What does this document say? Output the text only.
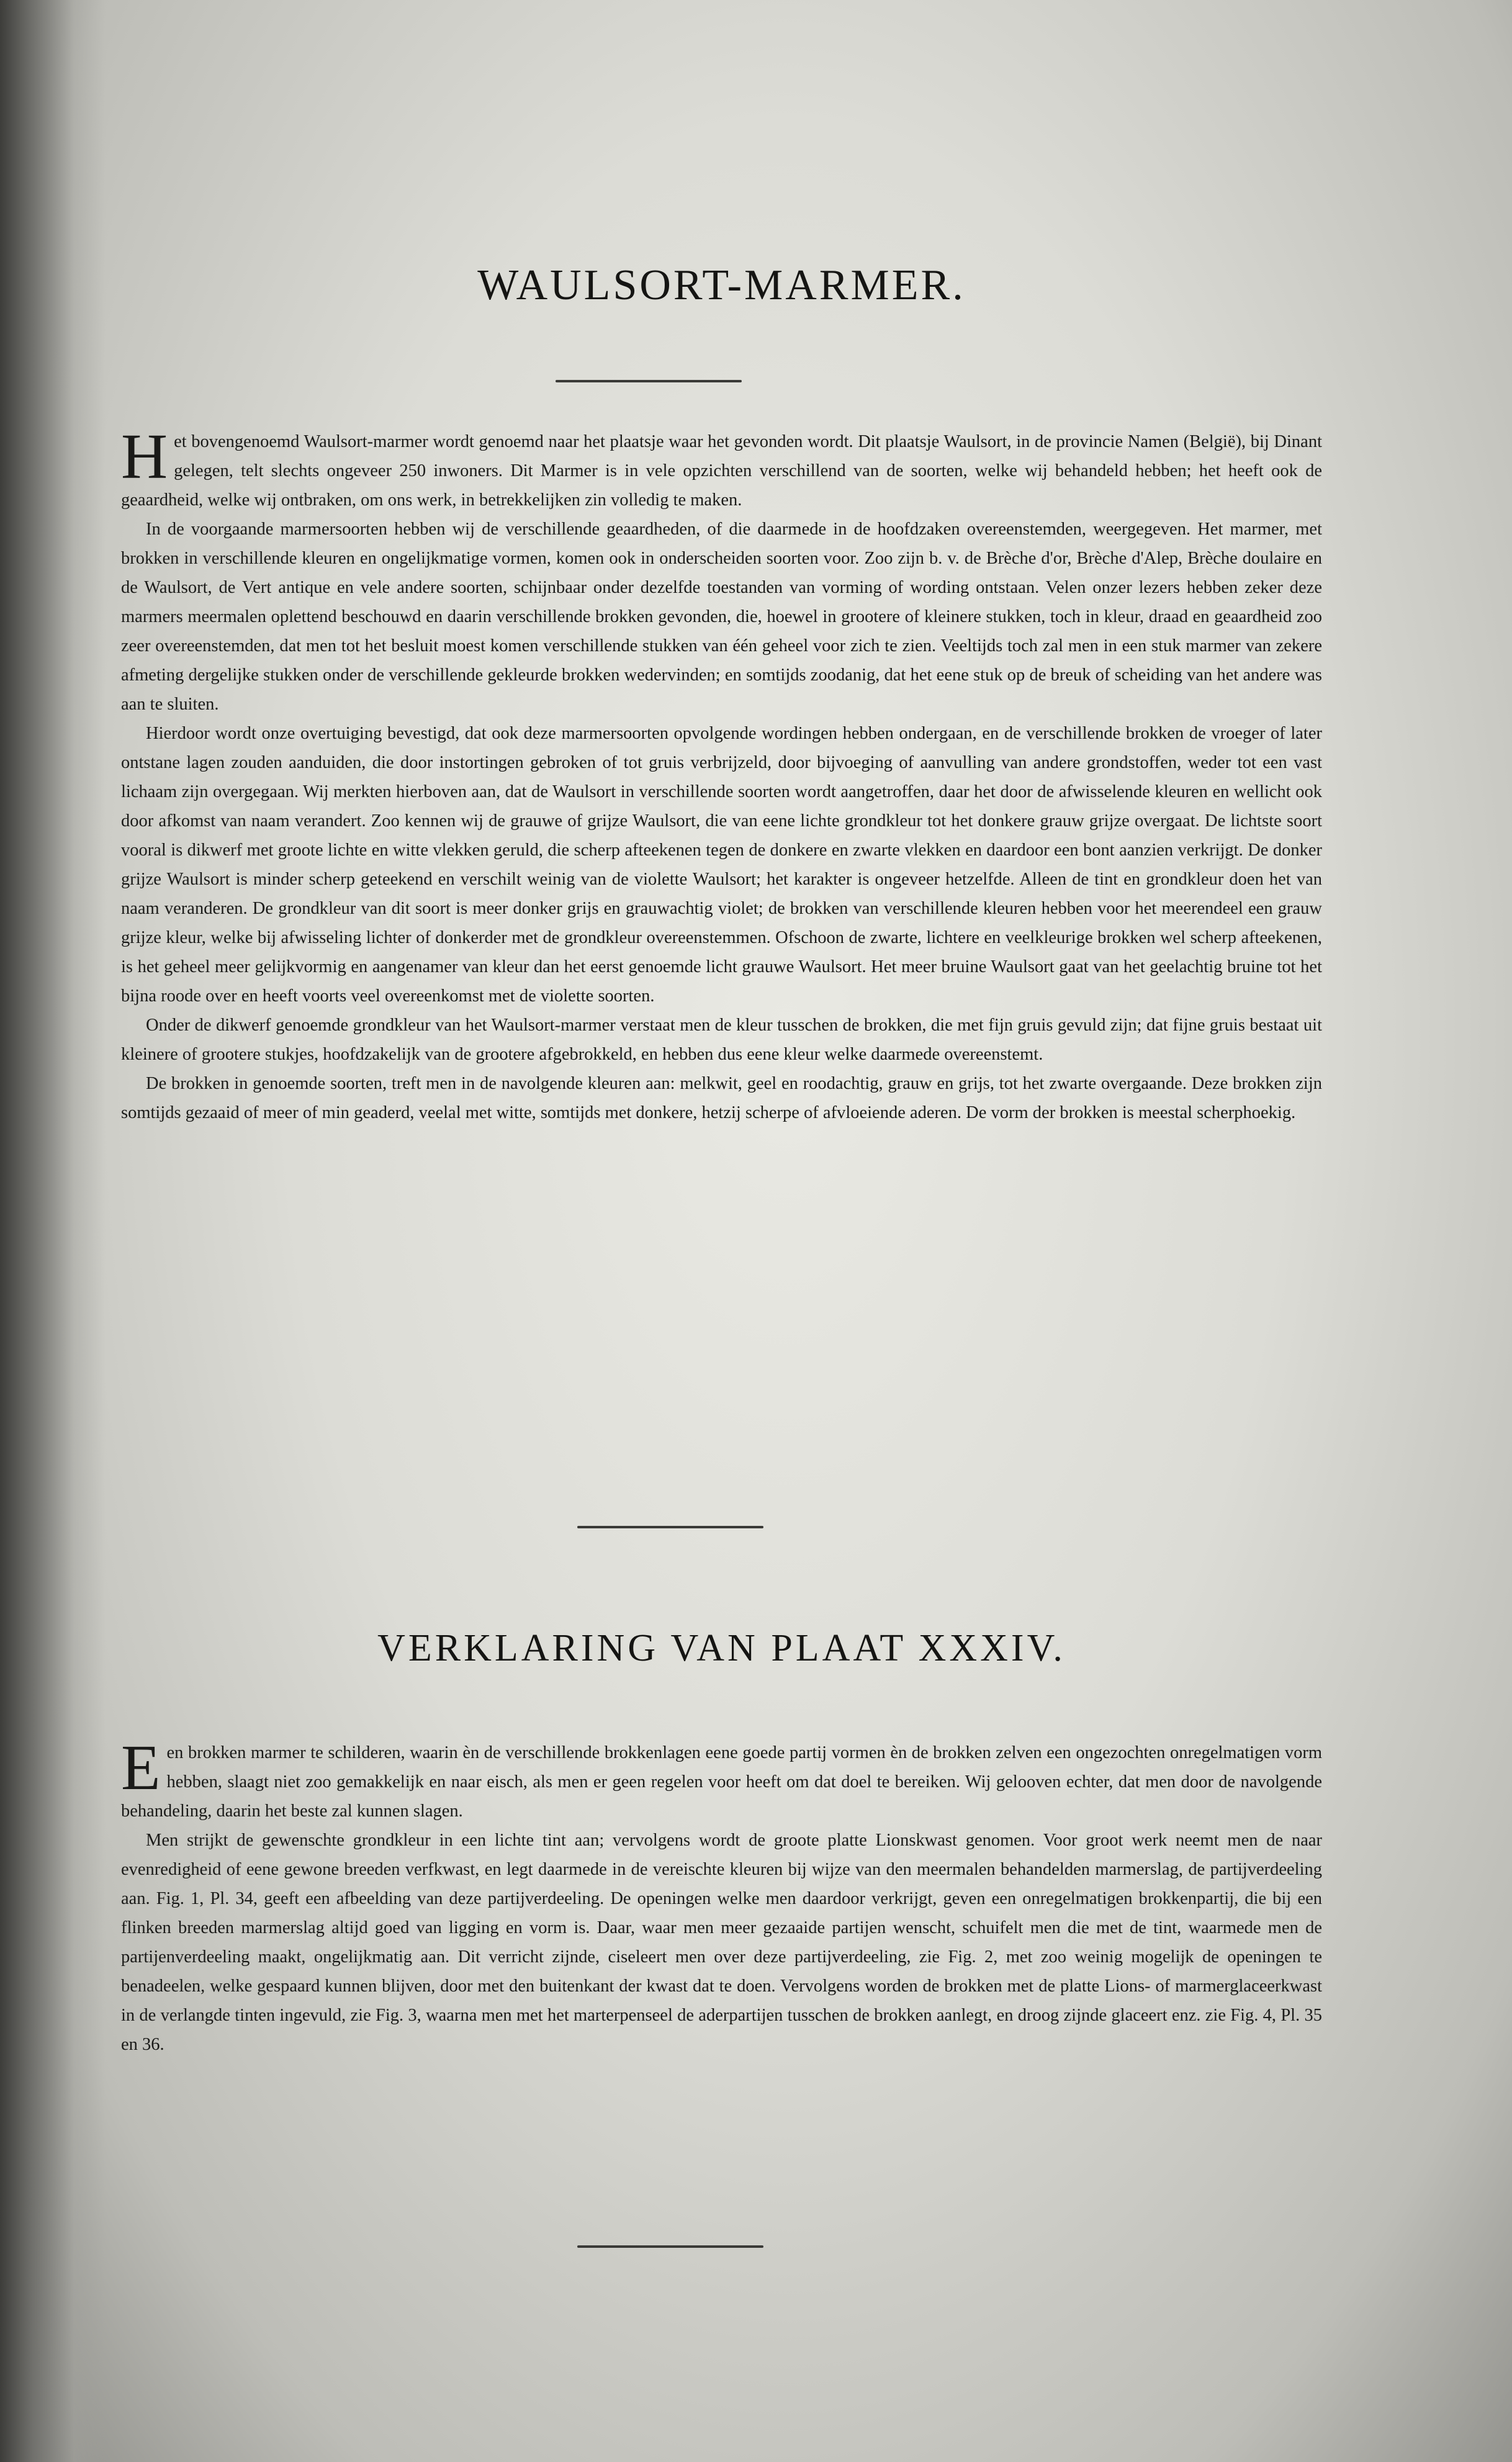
WAULSORT-MARMER.

Het bovengenoemd Waulsort-marmer wordt genoemd naar het plaatsje waar het gevonden wordt. Dit plaatsje Waulsort, in de provincie Namen (België), bij Dinant gelegen, telt slechts ongeveer 250 inwoners. Dit Marmer is in vele opzichten verschillend van de soorten, welke wij behandeld hebben; het heeft ook de geaardheid, welke wij ontbraken, om ons werk, in betrekkelijken zin volledig te maken.

In de voorgaande marmersoorten hebben wij de verschillende geaardheden, of die daarmede in de hoofdzaken overeenstemden, weergegeven. Het marmer, met brokken in verschillende kleuren en ongelijkmatige vormen, komen ook in onderscheiden soorten voor. Zoo zijn b. v. de Brèche d'or, Brèche d'Alep, Brèche doulaire en de Waulsort, de Vert antique en vele andere soorten, schijnbaar onder dezelfde toestanden van vorming of wording ontstaan. Velen onzer lezers hebben zeker deze marmers meermalen oplettend beschouwd en daarin verschillende brokken gevonden, die, hoewel in grootere of kleinere stukken, toch in kleur, draad en geaardheid zoo zeer overeenstemden, dat men tot het besluit moest komen verschillende stukken van één geheel voor zich te zien. Veeltijds toch zal men in een stuk marmer van zekere afmeting dergelijke stukken onder de verschillende gekleurde brokken wedervinden; en somtijds zoodanig, dat het eene stuk op de breuk of scheiding van het andere was aan te sluiten.

Hierdoor wordt onze overtuiging bevestigd, dat ook deze marmersoorten opvolgende wordingen hebben ondergaan, en de verschillende brokken de vroeger of later ontstane lagen zouden aanduiden, die door instortingen gebroken of tot gruis verbrijzeld, door bijvoeging of aanvulling van andere grondstoffen, weder tot een vast lichaam zijn overgegaan. Wij merkten hierboven aan, dat de Waulsort in verschillende soorten wordt aangetroffen, daar het door de afwisselende kleuren en wellicht ook door afkomst van naam verandert. Zoo kennen wij de grauwe of grijze Waulsort, die van eene lichte grondkleur tot het donkere grauw grijze overgaat. De lichtste soort vooral is dikwerf met groote lichte en witte vlekken geruld, die scherp afteekenen tegen de donkere en zwarte vlekken en daardoor een bont aanzien verkrijgt. De donker grijze Waulsort is minder scherp geteekend en verschilt weinig van de violette Waulsort; het karakter is ongeveer hetzelfde. Alleen de tint en grondkleur doen het van naam veranderen. De grondkleur van dit soort is meer donker grijs en grauwachtig violet; de brokken van verschillende kleuren hebben voor het meerendeel een grauw grijze kleur, welke bij afwisseling lichter of donkerder met de grondkleur overeenstemmen. Ofschoon de zwarte, lichtere en veelkleurige brokken wel scherp afteekenen, is het geheel meer gelijkvormig en aangenamer van kleur dan het eerst genoemde licht grauwe Waulsort. Het meer bruine Waulsort gaat van het geelachtig bruine tot het bijna roode over en heeft voorts veel overeenkomst met de violette soorten.

Onder de dikwerf genoemde grondkleur van het Waulsort-marmer verstaat men de kleur tusschen de brokken, die met fijn gruis gevuld zijn; dat fijne gruis bestaat uit kleinere of grootere stukjes, hoofdzakelijk van de grootere afgebrokkeld, en hebben dus eene kleur welke daarmede overeenstemt.

De brokken in genoemde soorten, treft men in de navolgende kleuren aan: melkwit, geel en roodachtig, grauw en grijs, tot het zwarte overgaande. Deze brokken zijn somtijds gezaaid of meer of min geaderd, veelal met witte, somtijds met donkere, hetzij scherpe of afvloeiende aderen. De vorm der brokken is meestal scherphoekig.

VERKLARING VAN PLAAT XXXIV.

Een brokken marmer te schilderen, waarin èn de verschillende brokkenlagen eene goede partij vormen èn de brokken zelven een ongezochten onregelmatigen vorm hebben, slaagt niet zoo gemakkelijk en naar eisch, als men er geen regelen voor heeft om dat doel te bereiken. Wij gelooven echter, dat men door de navolgende behandeling, daarin het beste zal kunnen slagen.

Men strijkt de gewenschte grondkleur in een lichte tint aan; vervolgens wordt de groote platte Lionskwast genomen. Voor groot werk neemt men de naar evenredigheid of eene gewone breeden verfkwast, en legt daarmede in de vereischte kleuren bij wijze van den meermalen behandelden marmerslag, de partijverdeeling aan. Fig. 1, Pl. 34, geeft een afbeelding van deze partijverdeeling. De openingen welke men daardoor verkrijgt, geven een onregelmatigen brokkenpartij, die bij een flinken breeden marmerslag altijd goed van ligging en vorm is. Daar, waar men meer gezaaide partijen wenscht, schuifelt men die met de tint, waarmede men de partijenverdeeling maakt, ongelijkmatig aan. Dit verricht zijnde, ciseleert men over deze partijverdeeling, zie Fig. 2, met zoo weinig mogelijk de openingen te benadeelen, welke gespaard kunnen blijven, door met den buitenkant der kwast dat te doen. Vervolgens worden de brokken met de platte Lions- of marmerglaceerkwast in de verlangde tinten ingevuld, zie Fig. 3, waarna men met het marterpenseel de aderpartijen tusschen de brokken aanlegt, en droog zijnde glaceert enz. zie Fig. 4, Pl. 35 en 36.
